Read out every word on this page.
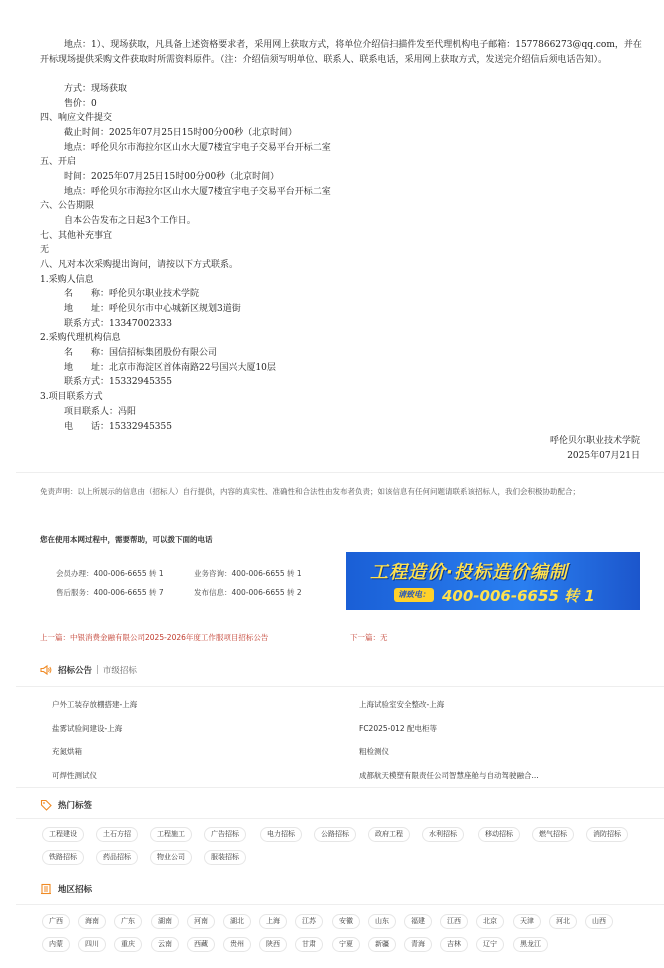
地点：1）、现场获取，凡具备上述资格要求者，采用网上获取方式，将单位介绍信扫描件发至代理机构电子邮箱：1577866273@qq.com，并在开标现场提供采购文件获取时所需资料原件。（注：介绍信须写明单位、联系人、联系电话，采用网上获取方式，发送完介绍信后须电话告知）。
方式：现场获取
售价：0
四、响应文件提交
截止时间：2025年07月25日15时00分00秒（北京时间）
地点：呼伦贝尔市海拉尔区山水大厦7楼宜宇电子交易平台开标二室
五、开启
时间：2025年07月25日15时00分00秒（北京时间）
地点：呼伦贝尔市海拉尔区山水大厦7楼宜宇电子交易平台开标二室
六、公告期限
自本公告发布之日起3个工作日。
七、其他补充事宜
无
八、凡对本次采购提出询问，请按以下方式联系。
1.采购人信息
名　　称：呼伦贝尔职业技术学院
地　　址：呼伦贝尔市中心城新区规划3道街
联系方式：13347002333
2.采购代理机构信息
名　　称：国信招标集团股份有限公司
地　　址：北京市海淀区首体南路22号国兴大厦10层
联系方式：15332945355
3.项目联系方式
项目联系人：冯阳
电　　话：15332945355
呼伦贝尔职业技术学院
2025年07月21日
免责声明：以上所展示的信息由（招标人）自行提供，内容的真实性、准确性和合法性由发布者负责；如该信息有任何问题请联系该招标人，我们会积极协助配合；
您在使用本网过程中，需要帮助，可以拨下面的电话
会员办理：400-006-6655 转 1	业务咨询：400-006-6655 转 1
售后服务：400-006-6655 转 7	发布信息：400-006-6655 转 2
工程造价·投标造价编制
请致电： 400-006-6655 转 1
上一篇：中银消费金融有限公司2025-2026年度工作服项目招标公告	下一篇：无
招标公告 | 市级招标
户外工装存放棚搭建-上海	上海试验室安全整改-上海
盐雾试验间建设-上海	FC2025-012 配电柜等
充氮烘箱	粗检测仪
可焊性测试仪	成都航天模塑有限责任公司智慧座舱与自动驾驶融合...
热门标签
工程建设	土石方招	工程施工	广告招标	电力招标	公路招标	政府工程	水利招标	移动招标	燃气招标	消防招标
铁路招标	药品招标	物业公司	服装招标
地区招标
广西	海南	广东	湖南	河南	湖北	上海	江苏	安徽	山东	福建	江西	北京	天津	河北	山西
内蒙	四川	重庆	云南	西藏	贵州	陕西	甘肃	宁夏	新疆	青海	吉林	辽宁	黑龙江
